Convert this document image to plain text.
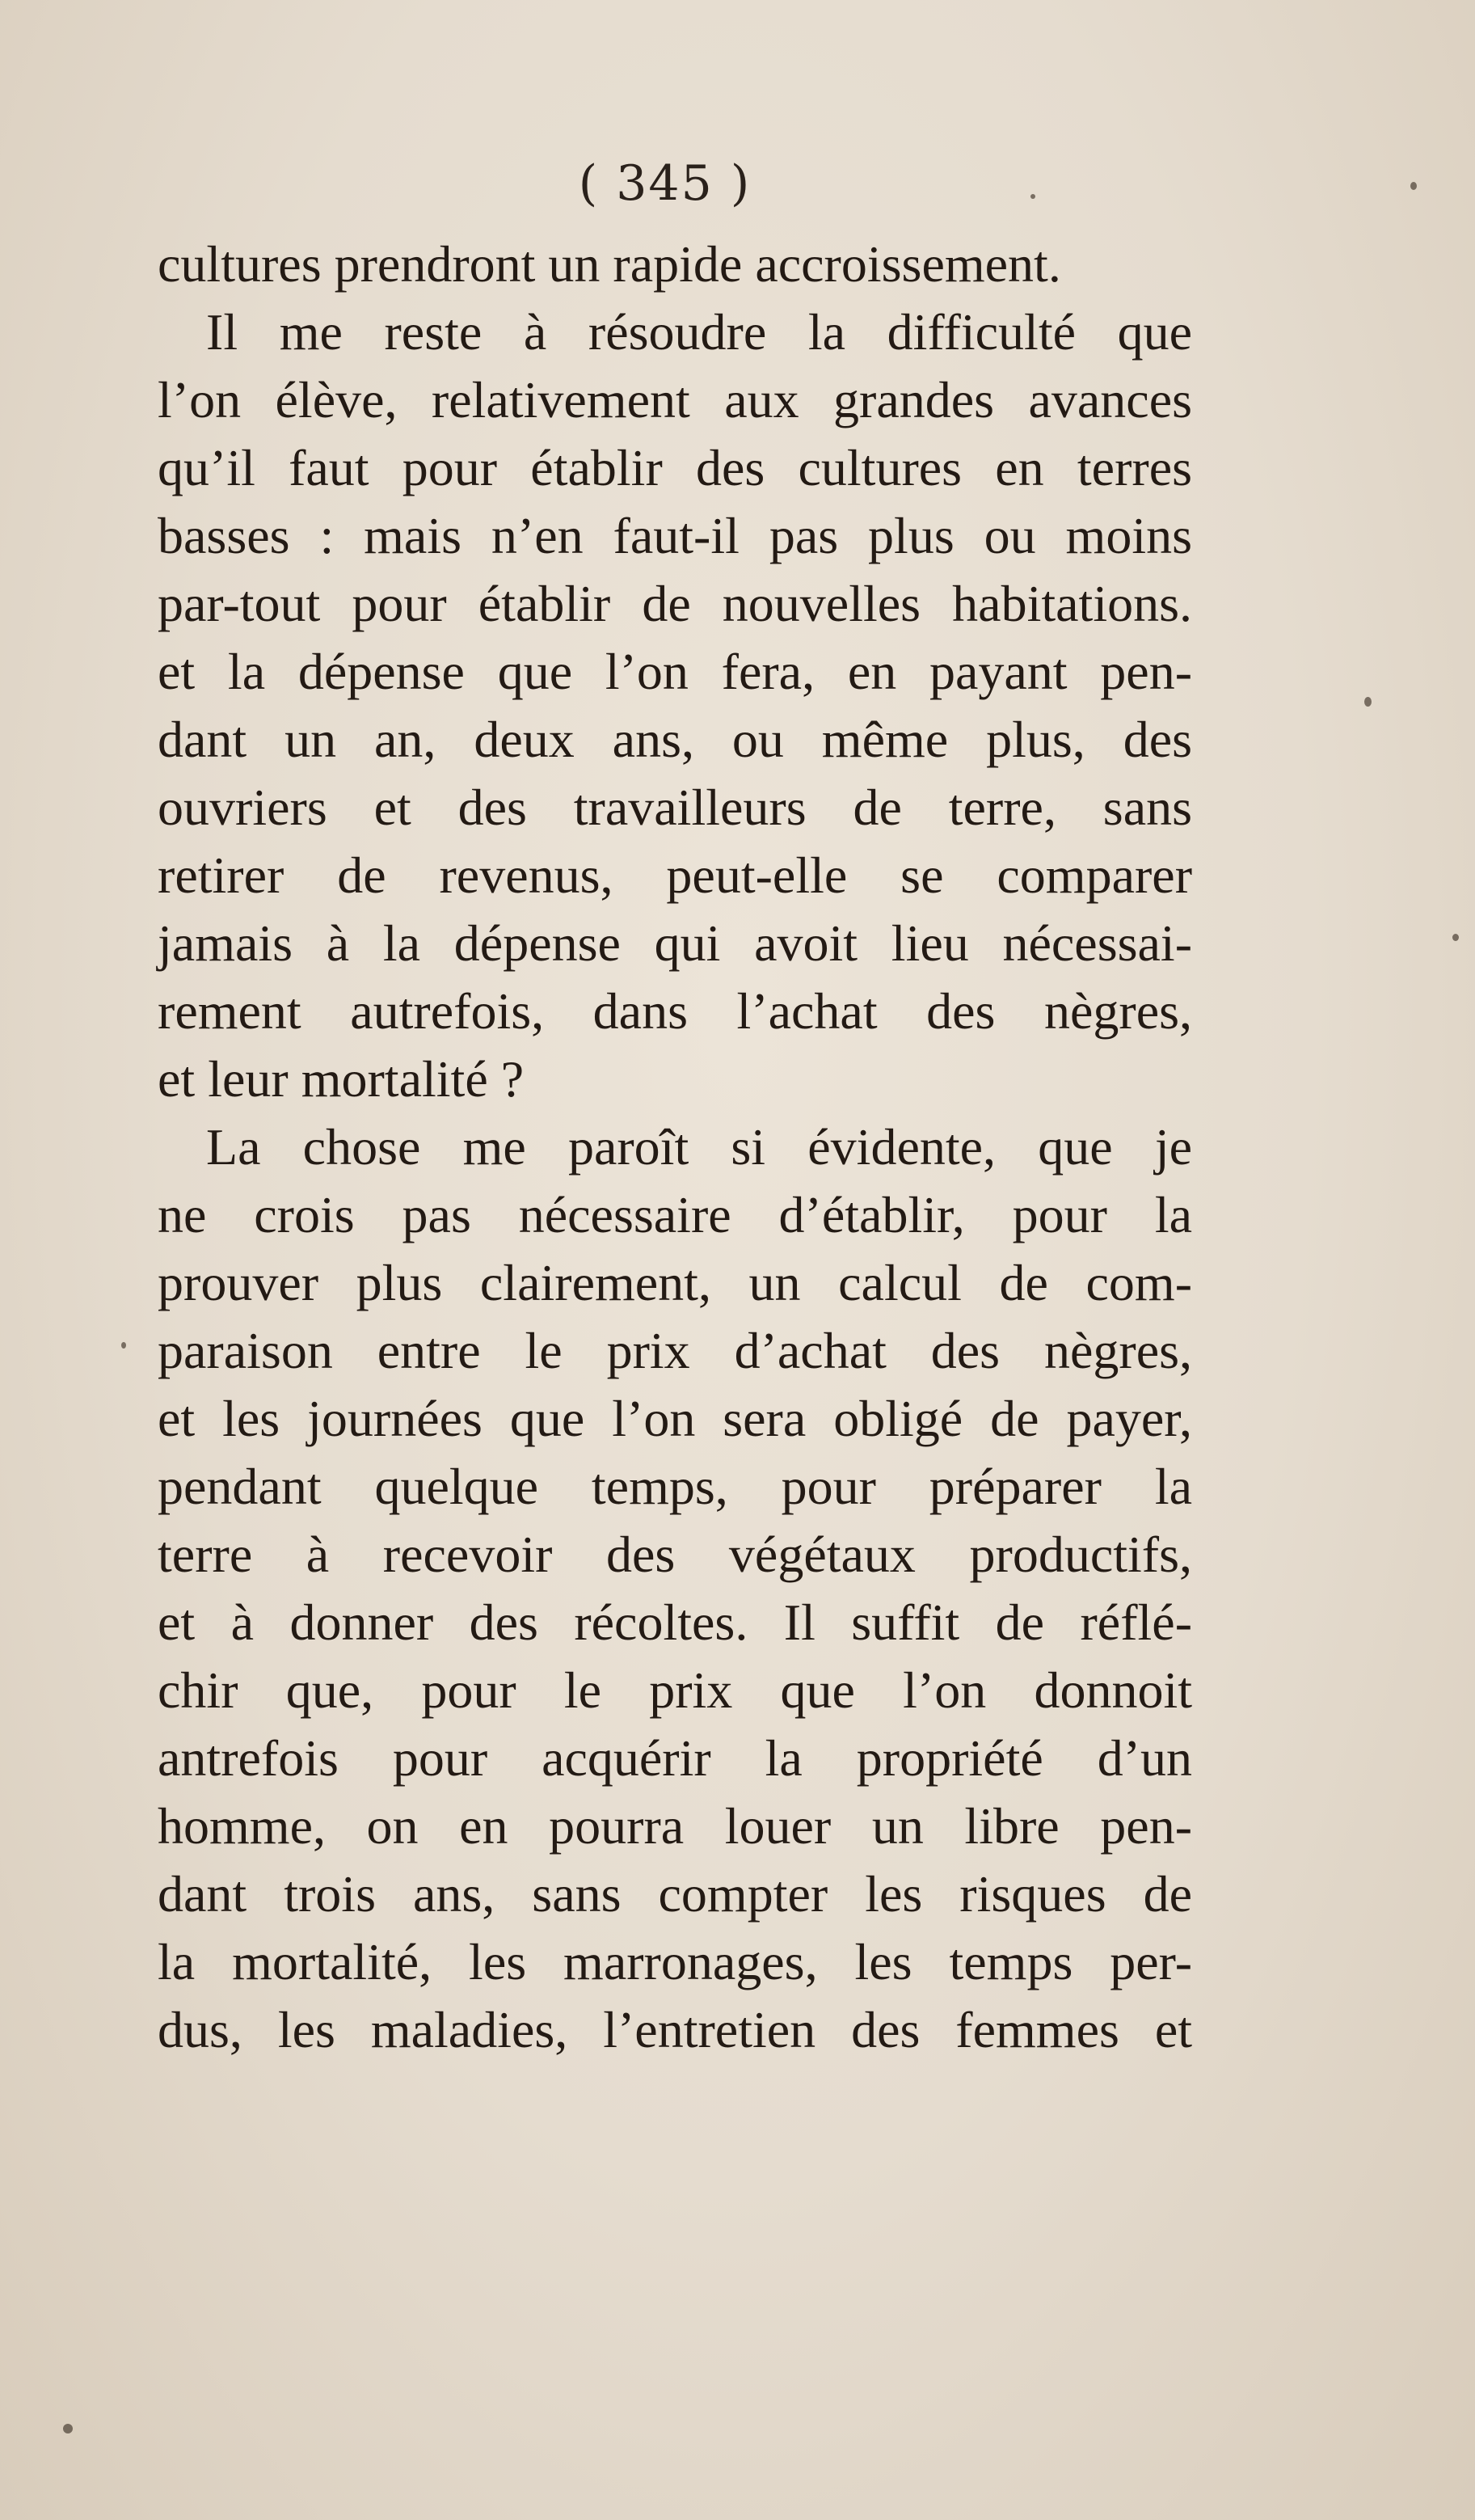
( 345 )
cultures prendront un rapide accroissement.
Il me reste à résoudre la difficulté que
l’on élève, relativement aux grandes avances
qu’il faut pour établir des cultures en terres
basses : mais n’en faut-il pas plus ou moins
par-tout pour établir de nouvelles habitations.
et la dépense que l’on fera, en payant pen-
dant un an, deux ans, ou même plus, des
ouvriers et des travailleurs de terre, sans
retirer de revenus, peut-elle se comparer
jamais à la dépense qui avoit lieu nécessai-
rement autrefois, dans l’achat des nègres,
et leur mortalité ?
La chose me paroît si évidente, que je
ne crois pas nécessaire d’établir, pour la
prouver plus clairement, un calcul de com-
paraison entre le prix d’achat des nègres,
et les journées que l’on sera obligé de payer,
pendant quelque temps, pour préparer la
terre à recevoir des végétaux productifs,
et à donner des récoltes. Il suffit de réflé-
chir que, pour le prix que l’on donnoit
antrefois pour acquérir la propriété d’un
homme, on en pourra louer un libre pen-
dant trois ans, sans compter les risques de
la mortalité, les marronages, les temps per-
dus, les maladies, l’entretien des femmes et
